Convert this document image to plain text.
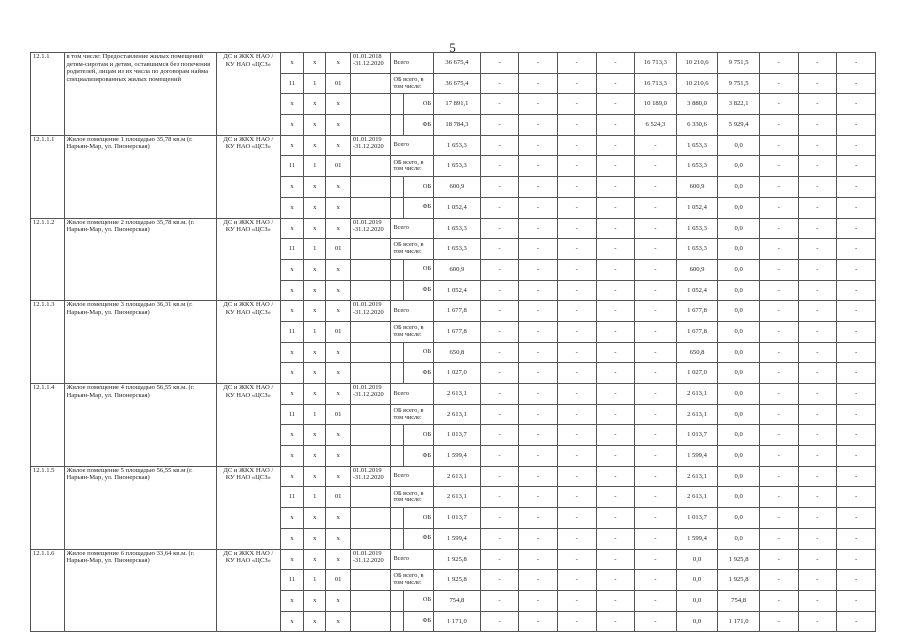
5
12.1.1	в том числе: Предоставление жилых помещений детям-сиротам и детям, оставшимся без попечения родителей, лицам из их числа по договорам найма специализированных жилых помещений	ДС и ЖКХ НАО / КУ НАО «ЦСЗ»	х	х	х	01.01.2018 -31.12.2020	Всего		36 675,4	-	-	-	-	16 713,3	10 210,6	9 751,5	-	-	-
			11	1	01		ОБ всего, в том числе:		36 675,4	-	-	-	-	16 713,3	10 210,6	9 751,5	-	-	-
			х	х	х			ОБ	17 891,1	-	-	-	-	10 189,0	3 880,0	3 822,1	-	-	-
			х	х	х			ФБ	18 784,3	-	-	-	-	6 524,3	6 330,6	5 929,4	-	-	-
12.1.1.1	Жилое помещение 1 площадью 35,78 кв.м (г. Нарьян-Мар, ул. Пионерская)	ДС и ЖКХ НАО / КУ НАО «ЦСЗ»	х	х	х	01.01.2019 -31.12.2020	Всего		1 653,3	-	-	-	-	-	1 653,3	0,0	-	-	-
			11	1	01		ОБ всего, в том числе:		1 653,3	-	-	-	-	-	1 653,3	0,0	-	-	-
			х	х	х			ОБ	600,9	-	-	-	-	-	600,9	0,0	-	-	-
			х	х	х			ФБ	1 052,4	-	-	-	-	-	1 052,4	0,0	-	-	-
12.1.1.2	Жилое помещение 2 площадью 35,78 кв.м. (г. Нарьян-Мар, ул. Пионерская)	ДС и ЖКХ НАО / КУ НАО «ЦСЗ»	х	х	х	01.01.2019 -31.12.2020	Всего		1 653,3	-	-	-	-	-	1 653,3	0,0	-	-	-
			11	1	01		ОБ всего, в том числе:		1 653,3	-	-	-	-	-	1 653,3	0,0	-	-	-
			х	х	х			ОБ	600,9	-	-	-	-	-	600,9	0,0	-	-	-
			х	х	х			ФБ	1 052,4	-	-	-	-	-	1 052,4	0,0	-	-	-
12.1.1.3	Жилое помещение 3 площадью 36,31 кв.м (г. Нарьян-Мар, ул. Пионерская)	ДС и ЖКХ НАО / КУ НАО «ЦСЗ»	х	х	х	01.01.2019 -31.12.2020	Всего		1 677,8	-	-	-	-	-	1 677,8	0,0	-	-	-
			11	1	01		ОБ всего, в том числе:		1 677,8	-	-	-	-	-	1 677,8	0,0	-	-	-
			х	х	х			ОБ	650,8	-	-	-	-	-	650,8	0,0	-	-	-
			х	х	х			ФБ	1 027,0	-	-	-	-	-	1 027,0	0,0	-	-	-
12.1.1.4	Жилое помещение 4 площадью 56,55 кв.м. (г. Нарьян-Мар, ул. Пионерская)	ДС и ЖКХ НАО / КУ НАО «ЦСЗ»	х	х	х	01.01.2019 -31.12.2020	Всего		2 613,1	-	-	-	-	-	2 613,1	0,0	-	-	-
			11	1	01		ОБ всего, в том числе:		2 613,1	-	-	-	-	-	2 613,1	0,0	-	-	-
			х	х	х			ОБ	1 013,7	-	-	-	-	-	1 013,7	0,0	-	-	-
			х	х	х			ФБ	1 599,4	-	-	-	-	-	1 599,4	0,0	-	-	-
12.1.1.5	Жилое помещение 5 площадью 56,55 кв.м (г. Нарьян-Мар, ул. Пионерская)	ДС и ЖКХ НАО / КУ НАО «ЦСЗ»	х	х	х	01.01.2019 -31.12.2020	Всего		2 613,1	-	-	-	-	-	2 613,1	0,0	-	-	-
			11	1	01		ОБ всего, в том числе:		2 613,1	-	-	-	-	-	2 613,1	0,0	-	-	-
			х	х	х			ОБ	1 013,7	-	-	-	-	-	1 013,7	0,0	-	-	-
			х	х	х			ФБ	1 599,4	-	-	-	-	-	1 599,4	0,0	-	-	-
12.1.1.6	Жилое помещение 6 площадью 33,64 кв.м. (г. Нарьян-Мар, ул. Пионерская)	ДС и ЖКХ НАО / КУ НАО «ЦСЗ»	х	х	х	01.01.2019 -31.12.2020	Всего		1 925,8	-	-	-	-	-	0,0	1 925,8	-	-	-
			11	1	01		ОБ всего, в том числе:		1 925,8	-	-	-	-	-	0,0	1 925,8	-	-	-
			х	х	х			ОБ	754,8	-	-	-	-	-	0,0	754,8	-	-	-
			х	х	х			ФБ	1 171,0	-	-	-	-	-	0,0	1 171,0	-	-	-
